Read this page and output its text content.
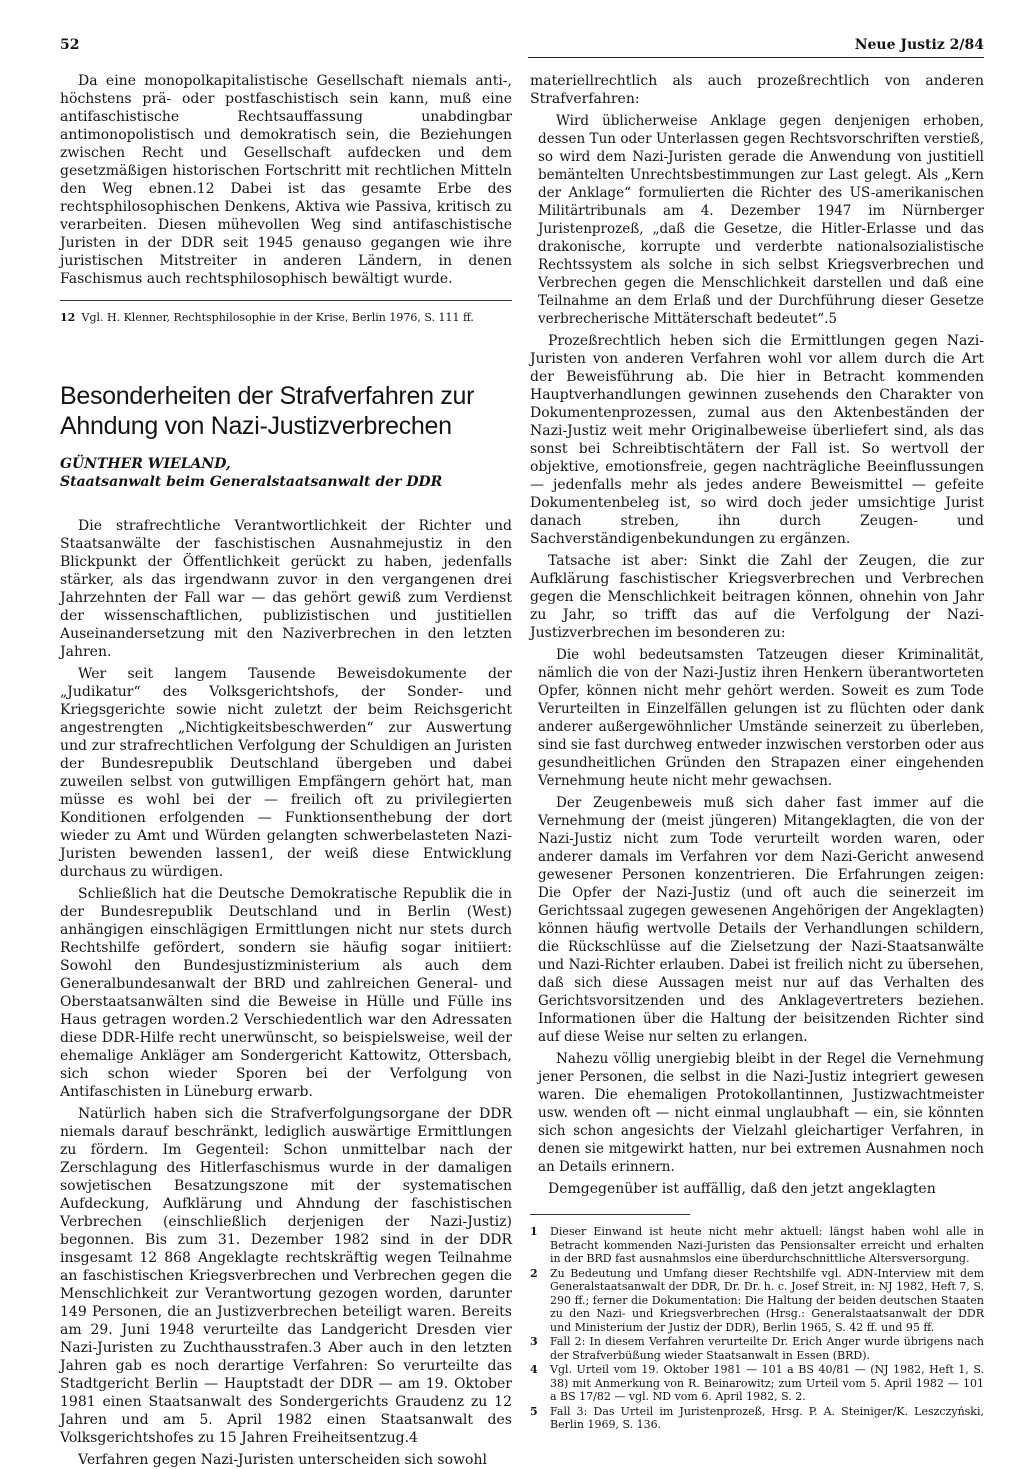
52	Neue Justiz 2/84

Da eine monopolkapitalistische Gesellschaft niemals anti-, höchstens prä- oder postfaschistisch sein kann, muß eine antifaschistische Rechtsauffassung unabdingbar antimonopolistisch und demokratisch sein, die Beziehungen zwischen Recht und Gesellschaft aufdecken und dem gesetzmäßigen historischen Fortschritt mit rechtlichen Mitteln den Weg ebnen.12 Dabei ist das gesamte Erbe des rechtsphilosophischen Denkens, Aktiva wie Passiva, kritisch zu verarbeiten. Diesen mühevollen Weg sind antifaschistische Juristen in der DDR seit 1945 genauso gegangen wie ihre juristischen Mitstreiter in anderen Ländern, in denen Faschismus auch rechtsphilosophisch bewältigt wurde.

12 Vgl. H. Klenner, Rechtsphilosophie in der Krise, Berlin 1976, S. 111 ff.
Besonderheiten der Strafverfahren zur Ahndung von Nazi-Justizverbrechen
GÜNTHER WIELAND,
Staatsanwalt beim Generalstaatsanwalt der DDR

Die strafrechtliche Verantwortlichkeit der Richter und Staatsanwälte der faschistischen Ausnahmejustiz in den Blickpunkt der Öffentlichkeit gerückt zu haben, jedenfalls stärker, als das irgendwann zuvor in den vergangenen drei Jahrzehnten der Fall war — das gehört gewiß zum Verdienst der wissenschaftlichen, publizistischen und justitiellen Auseinandersetzung mit den Naziverbrechen in den letzten Jahren.

Wer seit langem Tausende Beweisdokumente der „Judikatur“ des Volksgerichtshofs, der Sonder- und Kriegsgerichte sowie nicht zuletzt der beim Reichsgericht angestrengten „Nichtigkeitsbeschwerden“ zur Auswertung und zur strafrechtlichen Verfolgung der Schuldigen an Juristen der Bundesrepublik Deutschland übergeben und dabei zuweilen selbst von gutwilligen Empfängern gehört hat, man müsse es wohl bei der — freilich oft zu privilegierten Konditionen erfolgenden — Funktionsenthebung der dort wieder zu Amt und Würden gelangten schwerbelasteten Nazi-Juristen bewenden lassen1, der weiß diese Entwicklung durchaus zu würdigen.

Schließlich hat die Deutsche Demokratische Republik die in der Bundesrepublik Deutschland und in Berlin (West) anhängigen einschlägigen Ermittlungen nicht nur stets durch Rechtshilfe gefördert, sondern sie häufig sogar initiiert: Sowohl den Bundesjustizministerium als auch dem Generalbundesanwalt der BRD und zahlreichen General- und Oberstaatsanwälten sind die Beweise in Hülle und Fülle ins Haus getragen worden.2 Verschiedentlich war den Adressaten diese DDR-Hilfe recht unerwünscht, so beispielsweise, weil der ehemalige Ankläger am Sondergericht Kattowitz, Ottersbach, sich schon wieder Sporen bei der Verfolgung von Antifaschisten in Lüneburg erwarb.

Natürlich haben sich die Strafverfolgungsorgane der DDR niemals darauf beschränkt, lediglich auswärtige Ermittlungen zu fördern. Im Gegenteil: Schon unmittelbar nach der Zerschlagung des Hitlerfaschismus wurde in der damaligen sowjetischen Besatzungszone mit der systematischen Aufdeckung, Aufklärung und Ahndung der faschistischen Verbrechen (einschließlich derjenigen der Nazi-Justiz) begonnen. Bis zum 31. Dezember 1982 sind in der DDR insgesamt 12 868 Angeklagte rechtskräftig wegen Teilnahme an faschistischen Kriegsverbrechen und Verbrechen gegen die Menschlichkeit zur Verantwortung gezogen worden, darunter 149 Personen, die an Justizverbrechen beteiligt waren. Bereits am 29. Juni 1948 verurteilte das Landgericht Dresden vier Nazi-Juristen zu Zuchthausstrafen.3 Aber auch in den letzten Jahren gab es noch derartige Verfahren: So verurteilte das Stadtgericht Berlin — Hauptstadt der DDR — am 19. Oktober 1981 einen Staatsanwalt des Sondergerichts Graudenz zu 12 Jahren und am 5. April 1982 einen Staatsanwalt des Volksgerichtshofes zu 15 Jahren Freiheitsentzug.4

Verfahren gegen Nazi-Juristen unterscheiden sich sowohl

materiellrechtlich als auch prozeßrechtlich von anderen Strafverfahren:

Wird üblicherweise Anklage gegen denjenigen erhoben, dessen Tun oder Unterlassen gegen Rechtsvorschriften verstieß, so wird dem Nazi-Juristen gerade die Anwendung von justitiell bemäntelten Unrechtsbestimmungen zur Last gelegt. Als „Kern der Anklage“ formulierten die Richter des US-amerikanischen Militärtribunals am 4. Dezember 1947 im Nürnberger Juristenprozeß, „daß die Gesetze, die Hitler-Erlasse und das drakonische, korrupte und verderbte nationalsozialistische Rechtssystem als solche in sich selbst Kriegsverbrechen und Verbrechen gegen die Menschlichkeit darstellen und daß eine Teilnahme an dem Erlaß und der Durchführung dieser Gesetze verbrecherische Mittäterschaft bedeutet“.5

Prozeßrechtlich heben sich die Ermittlungen gegen Nazi-Juristen von anderen Verfahren wohl vor allem durch die Art der Beweisführung ab. Die hier in Betracht kommenden Hauptverhandlungen gewinnen zusehends den Charakter von Dokumentenprozessen, zumal aus den Aktenbeständen der Nazi-Justiz weit mehr Originalbeweise überliefert sind, als das sonst bei Schreibtischtätern der Fall ist. So wertvoll der objektive, emotionsfreie, gegen nachträgliche Beeinflussungen — jedenfalls mehr als jedes andere Beweismittel — gefeite Dokumentenbeleg ist, so wird doch jeder umsichtige Jurist danach streben, ihn durch Zeugen- und Sachverständigenbekundungen zu ergänzen.

Tatsache ist aber: Sinkt die Zahl der Zeugen, die zur Aufklärung faschistischer Kriegsverbrechen und Verbrechen gegen die Menschlichkeit beitragen können, ohnehin von Jahr zu Jahr, so trifft das auf die Verfolgung der Nazi-Justizverbrechen im besonderen zu:

Die wohl bedeutsamsten Tatzeugen dieser Kriminalität, nämlich die von der Nazi-Justiz ihren Henkern überantworteten Opfer, können nicht mehr gehört werden. Soweit es zum Tode Verurteilten in Einzelfällen gelungen ist zu flüchten oder dank anderer außergewöhnlicher Umstände seinerzeit zu überleben, sind sie fast durchweg entweder inzwischen verstorben oder aus gesundheitlichen Gründen den Strapazen einer eingehenden Vernehmung heute nicht mehr gewachsen.

Der Zeugenbeweis muß sich daher fast immer auf die Vernehmung der (meist jüngeren) Mitangeklagten, die von der Nazi-Justiz nicht zum Tode verurteilt worden waren, oder anderer damals im Verfahren vor dem Nazi-Gericht anwesend gewesener Personen konzentrieren. Die Erfahrungen zeigen: Die Opfer der Nazi-Justiz (und oft auch die seinerzeit im Gerichtssaal zugegen gewesenen Angehörigen der Angeklagten) können häufig wertvolle Details der Verhandlungen schildern, die Rückschlüsse auf die Zielsetzung der Nazi-Staatsanwälte und Nazi-Richter erlauben. Dabei ist freilich nicht zu übersehen, daß sich diese Aussagen meist nur auf das Verhalten des Gerichtsvorsitzenden und des Anklagevertreters beziehen. Informationen über die Haltung der beisitzenden Richter sind auf diese Weise nur selten zu erlangen.

Nahezu völlig unergiebig bleibt in der Regel die Vernehmung jener Personen, die selbst in die Nazi-Justiz integriert gewesen waren. Die ehemaligen Protokollantinnen, Justizwachtmeister usw. wenden oft — nicht einmal unglaubhaft — ein, sie könnten sich schon angesichts der Vielzahl gleichartiger Verfahren, in denen sie mitgewirkt hatten, nur bei extremen Ausnahmen noch an Details erinnern.

Demgegenüber ist auffällig, daß den jetzt angeklagten

1 Dieser Einwand ist heute nicht mehr aktuell: längst haben wohl alle in Betracht kommenden Nazi-Juristen das Pensionsalter erreicht und erhalten in der BRD fast ausnahmslos eine überdurchschnittliche Altersversorgung.
2 Zu Bedeutung und Umfang dieser Rechtshilfe vgl. ADN-Interview mit dem Generalstaatsanwalt der DDR, Dr. Dr. h. c. Josef Streit, in: NJ 1982, Heft 7, S. 290 ff.; ferner die Dokumentation: Die Haltung der beiden deutschen Staaten zu den Nazi- und Kriegsverbrechen (Hrsg.: Generalstaatsanwalt der DDR und Ministerium der Justiz der DDR), Berlin 1965, S. 42 ff. und 95 ff.
3 Fall 2: In diesem Verfahren verurteilte Dr. Erich Anger wurde übrigens nach der Strafverbüßung wieder Staatsanwalt in Essen (BRD).
4 Vgl. Urteil vom 19. Oktober 1981 — 101 a BS 40/81 — (NJ 1982, Heft 1, S. 38) mit Anmerkung von R. Beinarowitz; zum Urteil vom 5. April 1982 — 101 a BS 17/82 — vgl. ND vom 6. April 1982, S. 2.
5 Fall 3: Das Urteil im Juristenprozeß, Hrsg. P. A. Steiniger/K. Leszczyński, Berlin 1969, S. 136.
